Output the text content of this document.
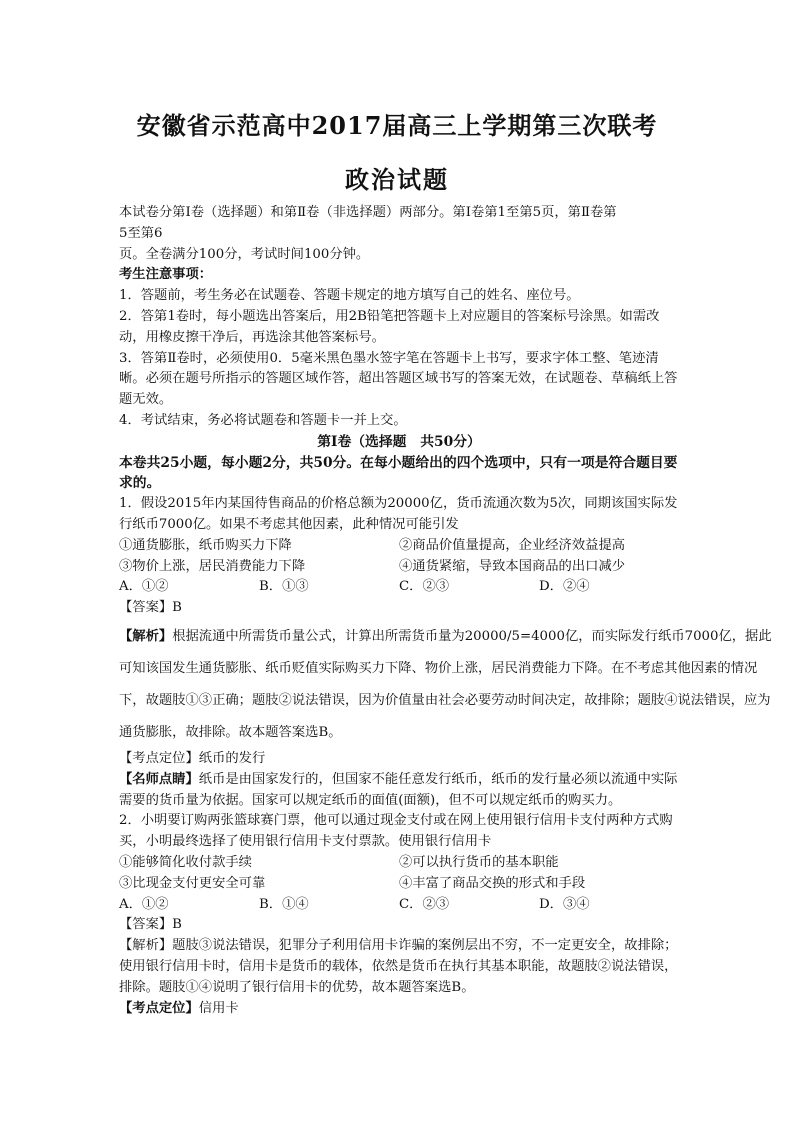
安徽省示范高中2017届高三上学期第三次联考
政治试题
本试卷分第Ⅰ卷（选择题）和第Ⅱ卷（非选择题）两部分。第Ⅰ卷第1至第5页，第Ⅱ卷第
5至第6
页。全卷满分100分，考试时间100分钟。
考生注意事项：

1．答题前，考生务必在试题卷、答题卡规定的地方填写自己的姓名、座位号。

2．答第1卷时，每小题选出答案后，用2B铅笔把答题卡上对应题目的答案标号涂黑。如需改动，用橡皮擦干净后，再选涂其他答案标号。

3．答第Ⅱ卷时，必须使用0．5毫米黑色墨水签字笔在答题卡上书写，要求字体工整、笔迹清晰。必须在题号所指示的答题区域作答，超出答题区域书写的答案无效，在试题卷、草稿纸上答题无效。

4．考试结束，务必将试题卷和答题卡一并上交。

第Ⅰ卷（选择题　共50分）

本卷共25小题，每小题2分，共50分。在每小题给出的四个选项中，只有一项是符合题目要求的。

1．假设2015年内某国待售商品的价格总额为20000亿，货币流通次数为5次，同期该国实际发行纸币7000亿。如果不考虑其他因素，此种情况可能引发

①通货膨胀，纸币购买力下降	②商品价值量提高，企业经济效益提高
③物价上涨，居民消费能力下降	④通货紧缩，导致本国商品的出口减少
A．①②	B．①③	C．②③	D．②④
【答案】B

【解析】根据流通中所需货币量公式，计算出所需货币量为20000/5=4000亿，而实际发行纸币7000亿，据此可知该国发生通货膨胀、纸币贬值实际购买力下降、物价上涨，居民消费能力下降。在不考虑其他因素的情况下，故题肢①③正确；题肢②说法错误，因为价值量由社会必要劳动时间决定，故排除；题肢④说法错误，应为通货膨胀，故排除。故本题答案选B。

【考点定位】纸币的发行

【名师点睛】纸币是由国家发行的，但国家不能任意发行纸币，纸币的发行量必须以流通中实际需要的货币量为依据。国家可以规定纸币的面值(面额)，但不可以规定纸币的购买力。

2．小明要订购两张篮球赛门票，他可以通过现金支付或在网上使用银行信用卡支付两种方式购买，小明最终选择了使用银行信用卡支付票款。使用银行信用卡

①能够简化收付款手续	②可以执行货币的基本职能
③比现金支付更安全可靠	④丰富了商品交换的形式和手段
A．①②	B．①④	C．②③	D．③④
【答案】B

【解析】题肢③说法错误，犯罪分子利用信用卡诈骗的案例层出不穷，不一定更安全，故排除；使用银行信用卡时，信用卡是货币的载体，依然是货币在执行其基本职能，故题肢②说法错误，排除。题肢①④说明了银行信用卡的优势，故本题答案选B。

【考点定位】信用卡
